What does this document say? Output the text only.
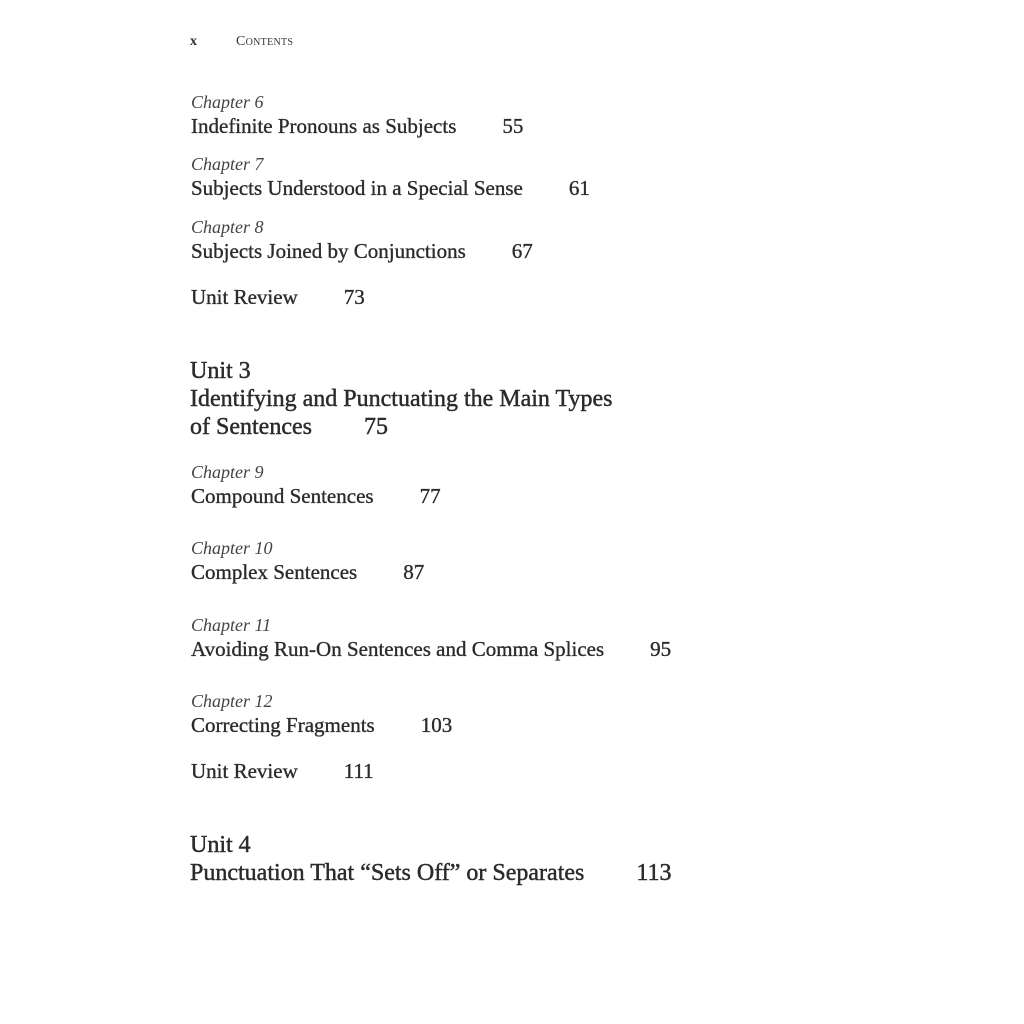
x	Contents
Chapter 6
Indefinite Pronouns as Subjects 55
Chapter 7
Subjects Understood in a Special Sense 61
Chapter 8
Subjects Joined by Conjunctions 67
Unit Review 73
Unit 3
Identifying and Punctuating the Main Types
of Sentences 75
Chapter 9
Compound Sentences 77
Chapter 10
Complex Sentences 87
Chapter 11
Avoiding Run-On Sentences and Comma Splices 95
Chapter 12
Correcting Fragments 103
Unit Review 111
Unit 4
Punctuation That “Sets Off” or Separates 113
